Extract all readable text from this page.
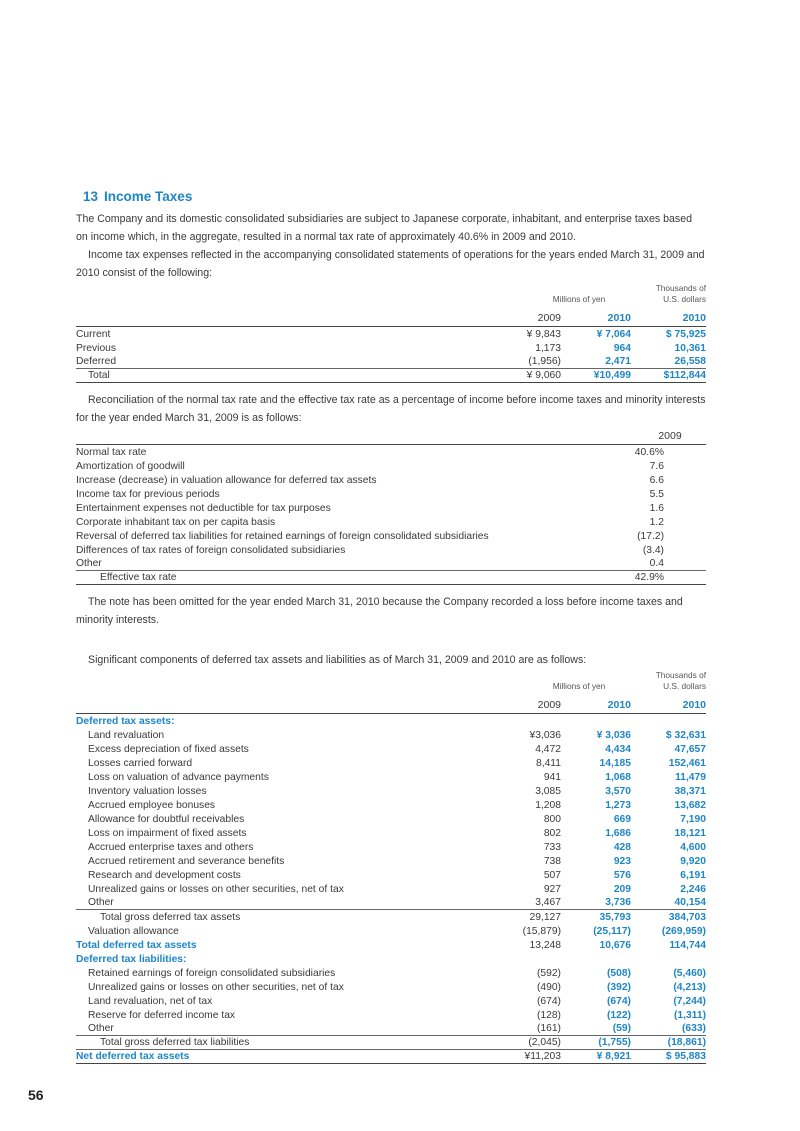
13 Income Taxes

The Company and its domestic consolidated subsidiaries are subject to Japanese corporate, inhabitant, and enterprise taxes based on income which, in the aggregate, resulted in a normal tax rate of approximately 40.6% in 2009 and 2010.

Income tax expenses reflected in the accompanying consolidated statements of operations for the years ended March 31, 2009 and 2010 consist of the following:

Millions of yen
Thousands of
U.S. dollars
2009	2010	2010
Current	¥ 9,843	¥ 7,064	$ 75,925
Previous	1,173	964	10,361
Deferred	(1,956)	2,471	26,558
Total	¥ 9,060	¥10,499	$112,844

Reconciliation of the normal tax rate and the effective tax rate as a percentage of income before income taxes and minority interests for the year ended March 31, 2009 is as follows:

2009
Normal tax rate	40.6%
Amortization of goodwill	7.6
Increase (decrease) in valuation allowance for deferred tax assets	6.6
Income tax for previous periods	5.5
Entertainment expenses not deductible for tax purposes	1.6
Corporate inhabitant tax on per capita basis	1.2
Reversal of deferred tax liabilities for retained earnings of foreign consolidated subsidiaries	(17.2)
Differences of tax rates of foreign consolidated subsidiaries	(3.4)
Other	0.4
Effective tax rate	42.9%

The note has been omitted for the year ended March 31, 2010 because the Company recorded a loss before income taxes and minority interests.

Significant components of deferred tax assets and liabilities as of March 31, 2009 and 2010 are as follows:

Millions of yen
Thousands of
U.S. dollars
2009	2010	2010
Deferred tax assets:
Land revaluation	¥3,036	¥ 3,036	$ 32,631
Excess depreciation of fixed assets	4,472	4,434	47,657
Losses carried forward	8,411	14,185	152,461
Loss on valuation of advance payments	941	1,068	11,479
Inventory valuation losses	3,085	3,570	38,371
Accrued employee bonuses	1,208	1,273	13,682
Allowance for doubtful receivables	800	669	7,190
Loss on impairment of fixed assets	802	1,686	18,121
Accrued enterprise taxes and others	733	428	4,600
Accrued retirement and severance benefits	738	923	9,920
Research and development costs	507	576	6,191
Unrealized gains or losses on other securities, net of tax	927	209	2,246
Other	3,467	3,736	40,154
Total gross deferred tax assets	29,127	35,793	384,703
Valuation allowance	(15,879)	(25,117)	(269,959)
Total deferred tax assets	13,248	10,676	114,744
Deferred tax liabilities:
Retained earnings of foreign consolidated subsidiaries	(592)	(508)	(5,460)
Unrealized gains or losses on other securities, net of tax	(490)	(392)	(4,213)
Land revaluation, net of tax	(674)	(674)	(7,244)
Reserve for deferred income tax	(128)	(122)	(1,311)
Other	(161)	(59)	(633)
Total gross deferred tax liabilities	(2,045)	(1,755)	(18,861)
Net deferred tax assets	¥11,203	¥ 8,921	$ 95,883
56
